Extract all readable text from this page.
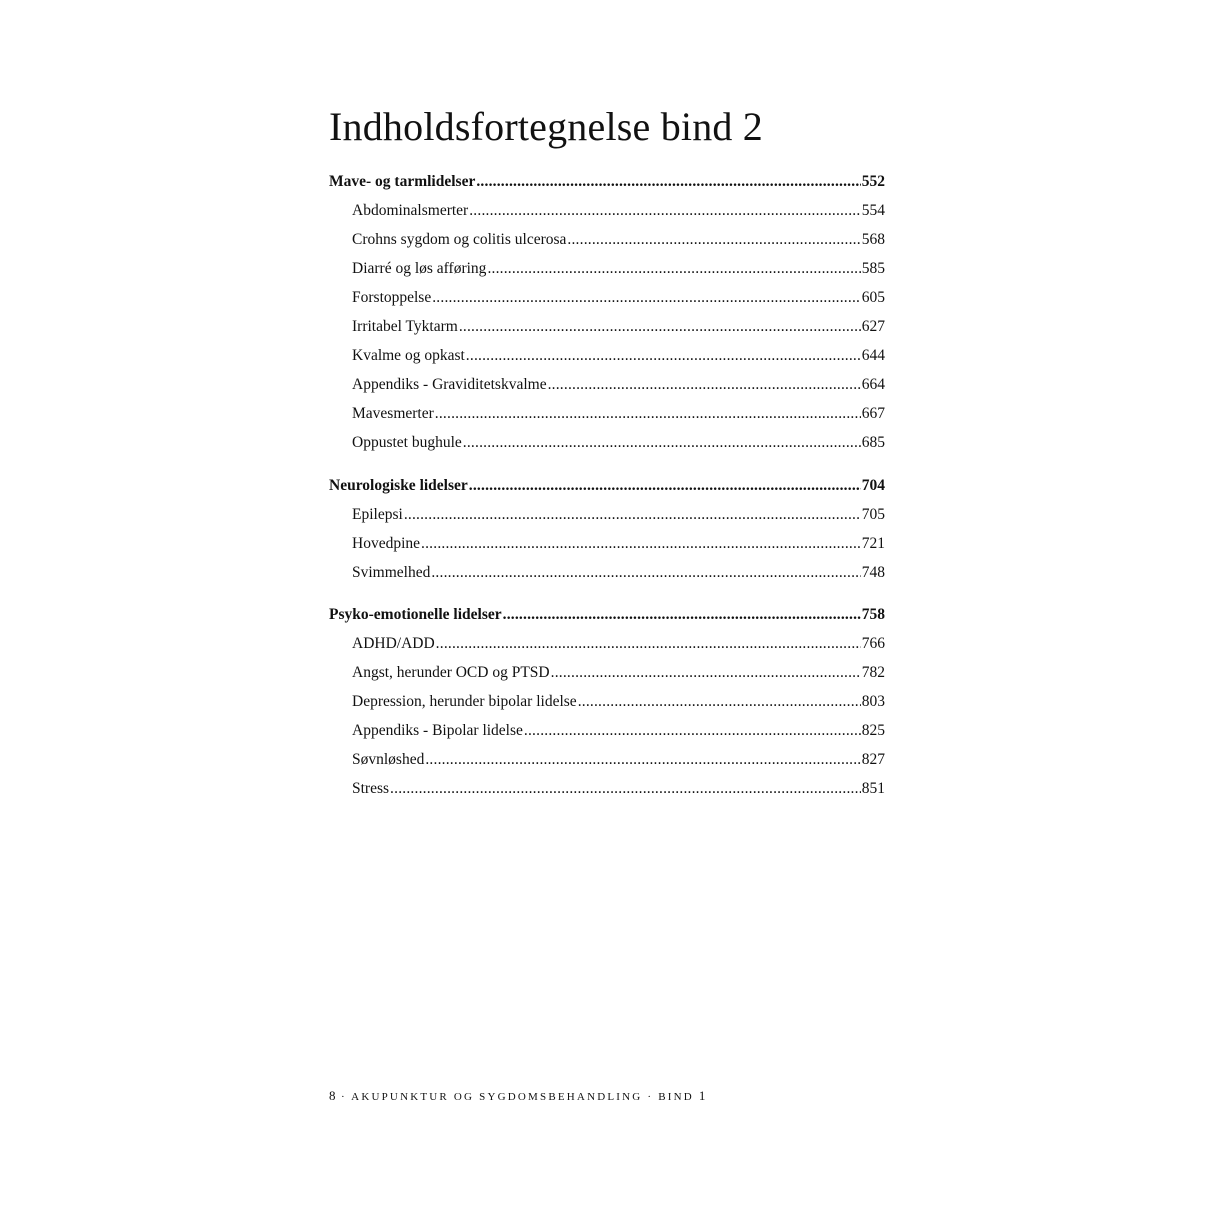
Indholdsfortegnelse bind 2
Mave- og tarmlidelser .....	552
Abdominalsmerter .....	554
Crohns sygdom og colitis ulcerosa .....	568
Diarré og løs afføring .....	585
Forstoppelse .....	605
Irritabel Tyktarm .....	627
Kvalme og opkast .....	644
Appendiks - Graviditetskvalme .....	664
Mavesmerter .....	667
Oppustet bughule .....	685
Neurologiske lidelser .....	704
Epilepsi .....	705
Hovedpine .....	721
Svimmelhed .....	748
Psyko-emotionelle lidelser .....	758
ADHD/ADD .....	766
Angst, herunder OCD og PTSD .....	782
Depression, herunder bipolar lidelse .....	803
Appendiks - Bipolar lidelse .....	825
Søvnløshed .....	827
Stress .....	851
8 · AKUPUNKTUR OG SYGDOMSBEHANDLING · BIND 1
